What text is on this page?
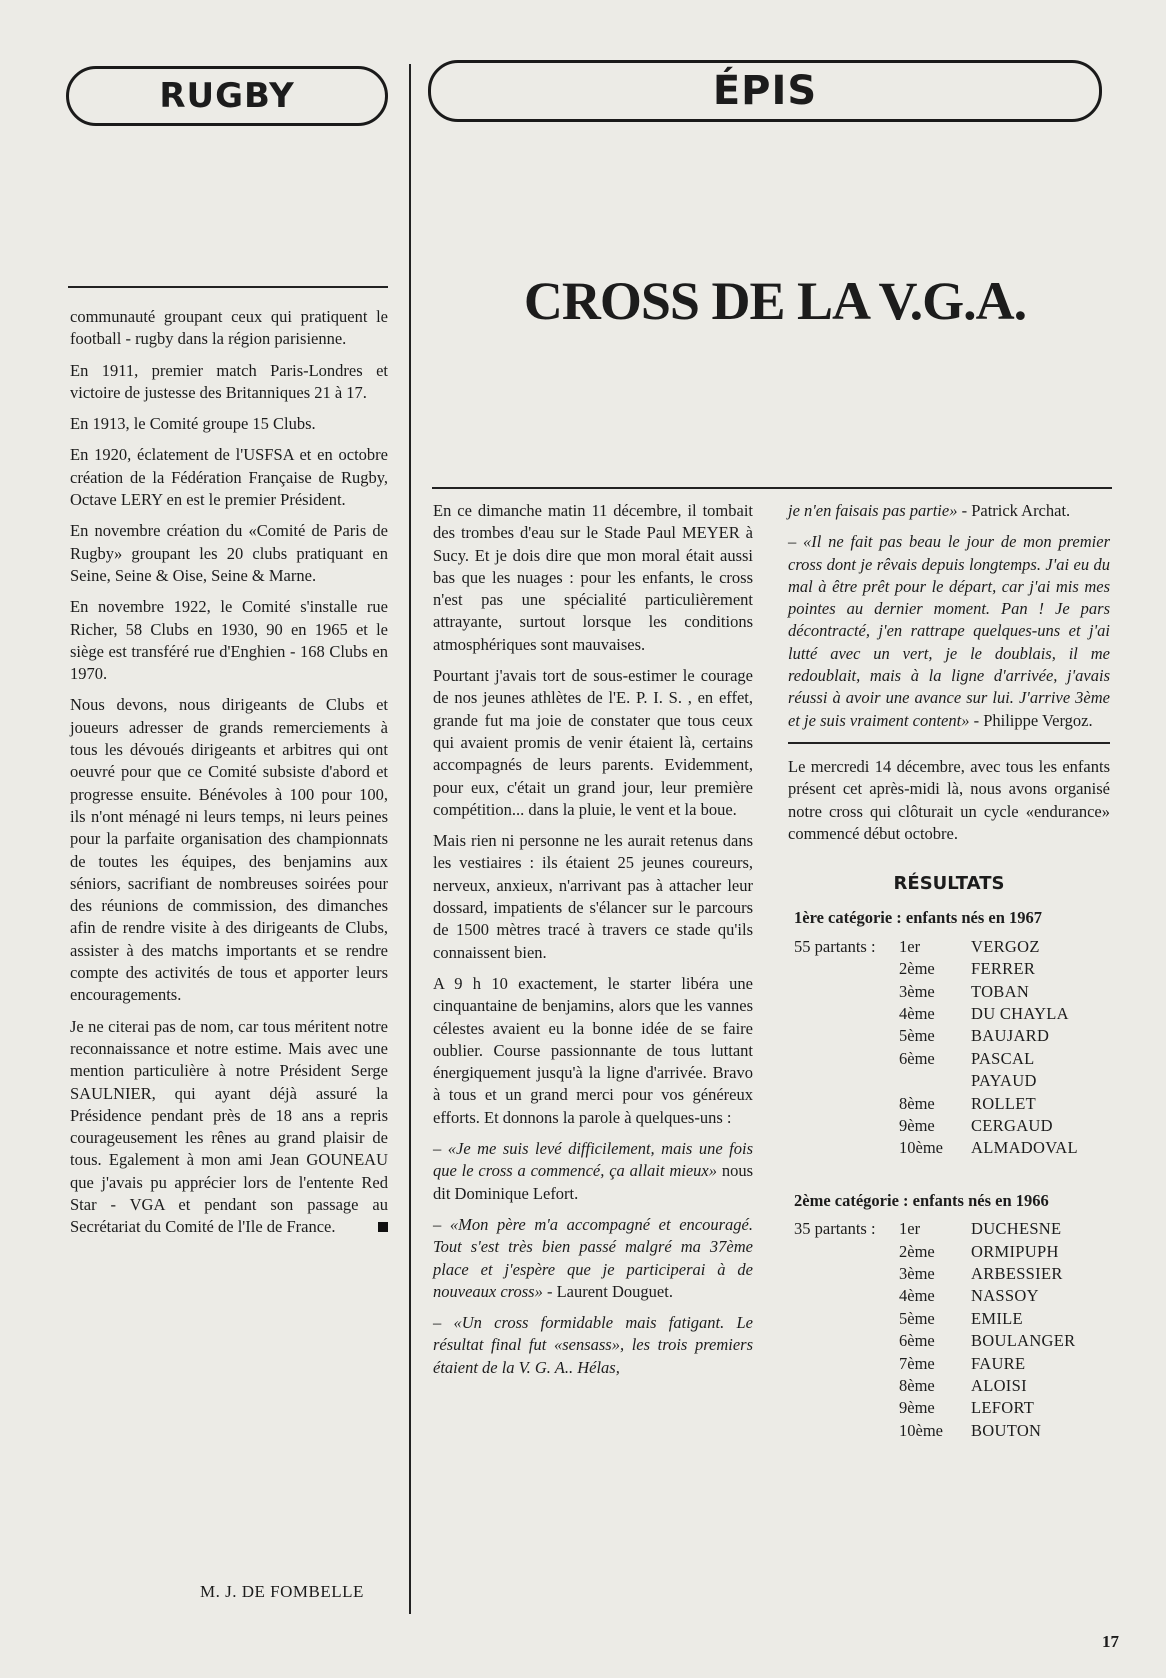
RUGBY	ÉPIS

communauté groupant ceux qui pratiquent le football - rugby dans la région parisienne.

En 1911, premier match Paris-Londres et victoire de justesse des Britanniques 21 à 17.

En 1913, le Comité groupe 15 Clubs.

En 1920, éclatement de l'USFSA et en octobre création de la Fédération Française de Rugby, Octave LERY en est le premier Président.

En novembre création du «Comité de Paris de Rugby» groupant les 20 clubs pratiquant en Seine, Seine & Oise, Seine & Marne.

En novembre 1922, le Comité s'installe rue Richer, 58 Clubs en 1930, 90 en 1965 et le siège est transféré rue d'Enghien - 168 Clubs en 1970.

Nous devons, nous dirigeants de Clubs et joueurs adresser de grands remerciements à tous les dévoués dirigeants et arbitres qui ont oeuvré pour que ce Comité subsiste d'abord et progresse ensuite. Bénévoles à 100 pour 100, ils n'ont ménagé ni leurs temps, ni leurs peines pour la parfaite organisation des championnats de toutes les équipes, des benjamins aux séniors, sacrifiant de nombreuses soirées pour des réunions de commission, des dimanches afin de rendre visite à des dirigeants de Clubs, assister à des matchs importants et se rendre compte des activités de tous et apporter leurs encouragements.

Je ne citerai pas de nom, car tous méritent notre reconnaissance et notre estime. Mais avec une mention particulière à notre Président Serge SAULNIER, qui ayant déjà assuré la Présidence pendant près de 18 ans a repris courageusement les rênes au grand plaisir de tous. Egalement à mon ami Jean GOUNEAU que j'avais pu apprécier lors de l'entente Red Star - VGA et pendant son passage au Secrétariat du Comité de l'Ile de France.

M. J. DE FOMBELLE
CROSS DE LA V.G.A.

En ce dimanche matin 11 décembre, il tombait des trombes d'eau sur le Stade Paul MEYER à Sucy. Et je dois dire que mon moral était aussi bas que les nuages : pour les enfants, le cross n'est pas une spécialité particulièrement attrayante, surtout lorsque les conditions atmosphériques sont mauvaises.

Pourtant j'avais tort de sous-estimer le courage de nos jeunes athlètes de l'E. P. I. S. , en effet, grande fut ma joie de constater que tous ceux qui avaient promis de venir étaient là, certains accompagnés de leurs parents. Evidemment, pour eux, c'était un grand jour, leur première compétition... dans la pluie, le vent et la boue.

Mais rien ni personne ne les aurait retenus dans les vestiaires : ils étaient 25 jeunes coureurs, nerveux, anxieux, n'arrivant pas à attacher leur dossard, impatients de s'élancer sur le parcours de 1500 mètres tracé à travers ce stade qu'ils connaissent bien.

A 9 h 10 exactement, le starter libéra une cinquantaine de benjamins, alors que les vannes célestes avaient eu la bonne idée de se faire oublier. Course passionnante de tous luttant énergiquement jusqu'à la ligne d'arrivée. Bravo à tous et un grand merci pour vos généreux efforts. Et donnons la parole à quelques-uns :

– «Je me suis levé difficilement, mais une fois que le cross a commencé, ça allait mieux» nous dit Dominique Lefort.

– «Mon père m'a accompagné et encouragé. Tout s'est très bien passé malgré ma 37ème place et j'espère que je participerai à de nouveaux cross» - Laurent Douguet.

– «Un cross formidable mais fatigant. Le résultat final fut «sensass», les trois premiers étaient de la V. G. A.. Hélas,

je n'en faisais pas partie» - Patrick Archat.

– «Il ne fait pas beau le jour de mon premier cross dont je rêvais depuis longtemps. J'ai eu du mal à être prêt pour le départ, car j'ai mis mes pointes au dernier moment. Pan ! Je pars décontracté, j'en rattrape quelques-uns et j'ai lutté avec un vert, je le doublais, il me redoublait, mais à la ligne d'arrivée, j'avais réussi à avoir une avance sur lui. J'arrive 3ème et je suis vraiment content» - Philippe Vergoz.

Le mercredi 14 décembre, avec tous les enfants présent cet après-midi là, nous avons organisé notre cross qui clôturait un cycle «endurance» commencé début octobre.

RÉSULTATS
1ère catégorie : enfants nés en 1967
55 partants :	1er	VERGOZ
2ème	FERRER
3ème	TOBAN
4ème	DU CHAYLA
5ème	BAUJARD
6ème	PASCAL
PAYAUD
8ème	ROLLET
9ème	CERGAUD
10ème	ALMADOVAL
2ème catégorie : enfants nés en 1966
35 partants :	1er	DUCHESNE
2ème	ORMIPUPH
3ème	ARBESSIER
4ème	NASSOY
5ème	EMILE
6ème	BOULANGER
7ème	FAURE
8ème	ALOISI
9ème	LEFORT
10ème	BOUTON
17
